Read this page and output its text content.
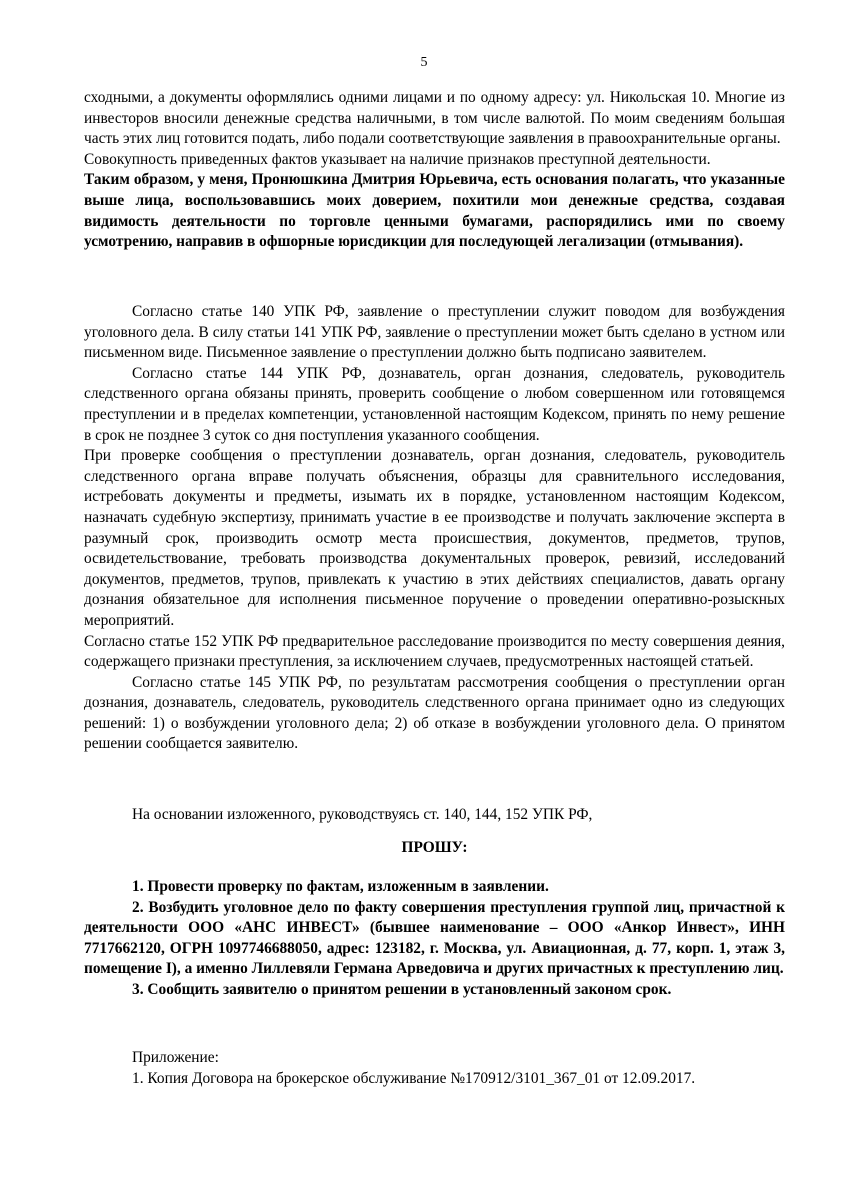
5

сходными, а документы оформлялись одними лицами и по одному адресу: ул. Никольская 10. Многие из инвесторов вносили денежные средства наличными, в том числе валютой. По моим сведениям большая часть этих лиц готовится подать, либо подали соответствующие заявления в правоохранительные органы.

Совокупность приведенных фактов указывает на наличие признаков преступной деятельности.

Таким образом, у меня, Пронюшкина Дмитрия Юрьевича, есть основания полагать, что указанные выше лица, воспользовавшись моих доверием, похитили мои денежные средства, создавая видимость деятельности по торговле ценными бумагами, распорядились ими по своему усмотрению, направив в офшорные юрисдикции для последующей легализации (отмывания).

Согласно статье 140 УПК РФ, заявление о преступлении служит поводом для возбуждения уголовного дела. В силу статьи 141 УПК РФ, заявление о преступлении может быть сделано в устном или письменном виде. Письменное заявление о преступлении должно быть подписано заявителем.

Согласно статье 144 УПК РФ, дознаватель, орган дознания, следователь, руководитель следственного органа обязаны принять, проверить сообщение о любом совершенном или готовящемся преступлении и в пределах компетенции, установленной настоящим Кодексом, принять по нему решение в срок не позднее 3 суток со дня поступления указанного сообщения.

При проверке сообщения о преступлении дознаватель, орган дознания, следователь, руководитель следственного органа вправе получать объяснения, образцы для сравнительного исследования, истребовать документы и предметы, изымать их в порядке, установленном настоящим Кодексом, назначать судебную экспертизу, принимать участие в ее производстве и получать заключение эксперта в разумный срок, производить осмотр места происшествия, документов, предметов, трупов, освидетельствование, требовать производства документальных проверок, ревизий, исследований документов, предметов, трупов, привлекать к участию в этих действиях специалистов, давать органу дознания обязательное для исполнения письменное поручение о проведении оперативно-розыскных мероприятий.

Согласно статье 152 УПК РФ предварительное расследование производится по месту совершения деяния, содержащего признаки преступления, за исключением случаев, предусмотренных настоящей статьей.

Согласно статье 145 УПК РФ, по результатам рассмотрения сообщения о преступлении орган дознания, дознаватель, следователь, руководитель следственного органа принимает одно из следующих решений: 1) о возбуждении уголовного дела; 2) об отказе в возбуждении уголовного дела. О принятом решении сообщается заявителю.

На основании изложенного, руководствуясь ст. 140, 144, 152 УПК РФ,

ПРОШУ:

1. Провести проверку по фактам, изложенным в заявлении.

2. Возбудить уголовное дело по факту совершения преступления группой лиц, причастной к деятельности ООО «АНС ИНВЕСТ» (бывшее наименование – ООО «Анкор Инвест», ИНН 7717662120, ОГРН 1097746688050, адрес: 123182, г. Москва, ул. Авиационная, д. 77, корп. 1, этаж 3, помещение I), а именно Лиллевяли Германа Арведовича и других причастных к преступлению лиц.

3. Сообщить заявителю о принятом решении в установленный законом срок.

Приложение:

1. Копия Договора на брокерское обслуживание №170912/3101_367_01 от 12.09.2017.
